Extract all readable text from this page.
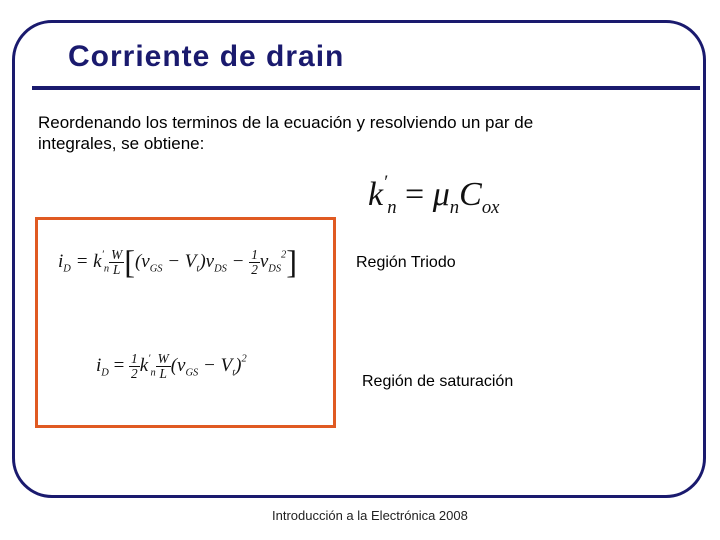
Corriente de drain

Reordenando los terminos de la ecuación y resolviendo un par de integrales, se obtiene:

$k'_n = \mu_nC_{ox}$
$i_D = k'_n \frac{W}{L} [(v_{GS} - V_t)v_{DS} - \frac{1}{2} v_{DS}^2]$	Región Triodo
$i_D = \frac{1}{2} k'_n \frac{W}{L} (v_{GS} - V_t)^2$
Región de saturación
Introducción a la Electrónica 2008
